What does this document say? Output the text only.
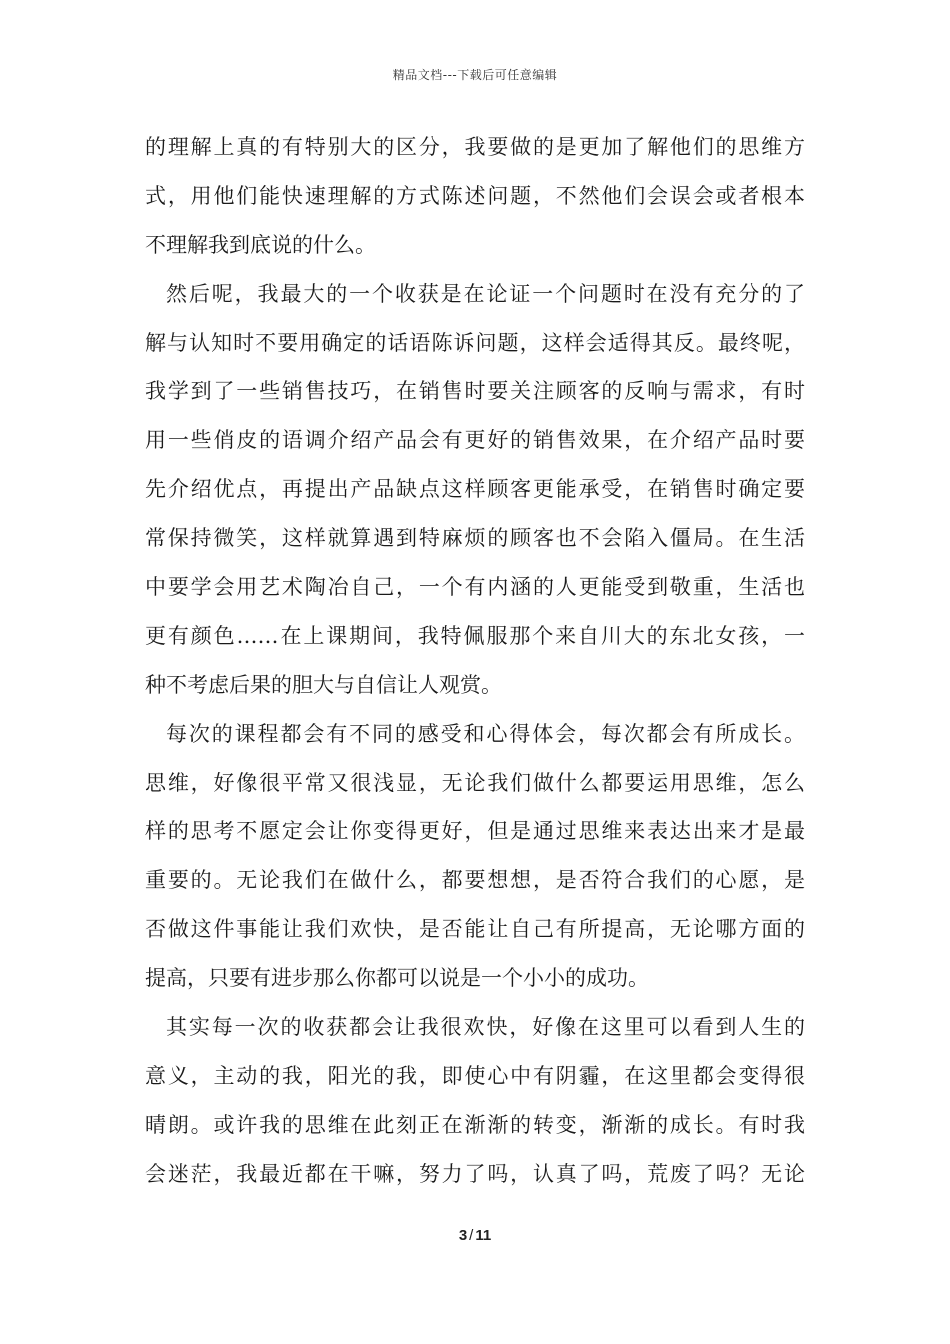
精品文档---下载后可任意编辑
的理解上真的有特别大的区分，我要做的是更加了解他们的思维方
式，用他们能快速理解的方式陈述问题，不然他们会误会或者根本
不理解我到底说的什么。
然后呢，我最大的一个收获是在论证一个问题时在没有充分的了
解与认知时不要用确定的话语陈诉问题，这样会适得其反。最终呢，
我学到了一些销售技巧，在销售时要关注顾客的反响与需求，有时
用一些俏皮的语调介绍产品会有更好的销售效果，在介绍产品时要
先介绍优点，再提出产品缺点这样顾客更能承受，在销售时确定要
常保持微笑，这样就算遇到特麻烦的顾客也不会陷入僵局。在生活
中要学会用艺术陶冶自己，一个有内涵的人更能受到敬重，生活也
更有颜色……在上课期间，我特佩服那个来自川大的东北女孩，一
种不考虑后果的胆大与自信让人观赏。
每次的课程都会有不同的感受和心得体会，每次都会有所成长。
思维，好像很平常又很浅显，无论我们做什么都要运用思维，怎么
样的思考不愿定会让你变得更好，但是通过思维来表达出来才是最
重要的。无论我们在做什么，都要想想，是否符合我们的心愿，是
否做这件事能让我们欢快，是否能让自己有所提高，无论哪方面的
提高，只要有进步那么你都可以说是一个小小的成功。
其实每一次的收获都会让我很欢快，好像在这里可以看到人生的
意义，主动的我，阳光的我，即使心中有阴霾，在这里都会变得很
晴朗。或许我的思维在此刻正在渐渐的转变，渐渐的成长。有时我
会迷茫，我最近都在干嘛，努力了吗，认真了吗，荒废了吗？无论
3 / 11
